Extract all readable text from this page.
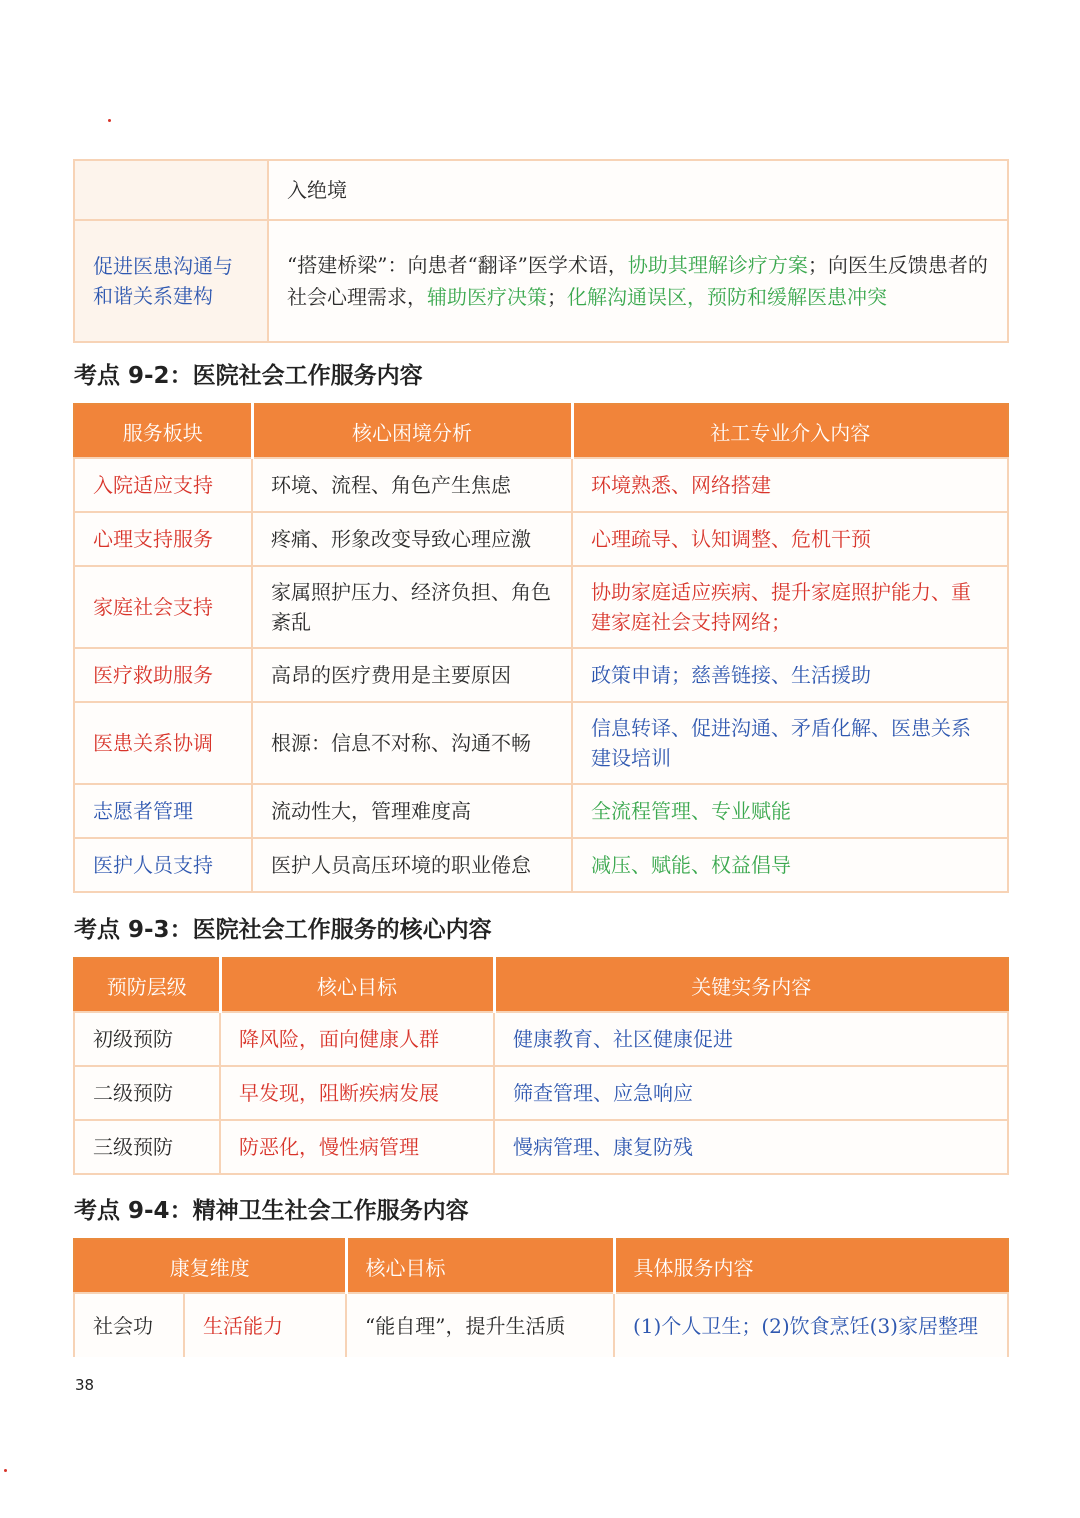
	入绝境
促进医患沟通与和谐关系建构	“搭建桥梁”：向患者“翻译”医学术语，协助其理解诊疗方案；向医生反馈患者的社会心理需求，辅助医疗决策；化解沟通误区，预防和缓解医患冲突
考点 9-2：医院社会工作服务内容
服务板块	核心困境分析	社工专业介入内容
入院适应支持	环境、流程、角色产生焦虑	环境熟悉、网络搭建
心理支持服务	疼痛、形象改变导致心理应激	心理疏导、认知调整、危机干预
家庭社会支持	家属照护压力、经济负担、角色紊乱	协助家庭适应疾病、提升家庭照护能力、重建家庭社会支持网络；
医疗救助服务	高昂的医疗费用是主要原因	政策申请；慈善链接、生活援助
医患关系协调	根源：信息不对称、沟通不畅	信息转译、促进沟通、矛盾化解、医患关系建设培训
志愿者管理	流动性大，管理难度高	全流程管理、专业赋能
医护人员支持	医护人员高压环境的职业倦怠	减压、赋能、权益倡导
考点 9-3：医院社会工作服务的核心内容
预防层级	核心目标	关键实务内容
初级预防	降风险，面向健康人群	健康教育、社区健康促进
二级预防	早发现，阻断疾病发展	筛查管理、应急响应
三级预防	防恶化，慢性病管理	慢病管理、康复防残
考点 9-4：精神卫生社会工作服务内容
康复维度		核心目标	具体服务内容
社会功	生活能力	“能自理”，提升生活质	(1)个人卫生；(2)饮食烹饪(3)家居整理
38
